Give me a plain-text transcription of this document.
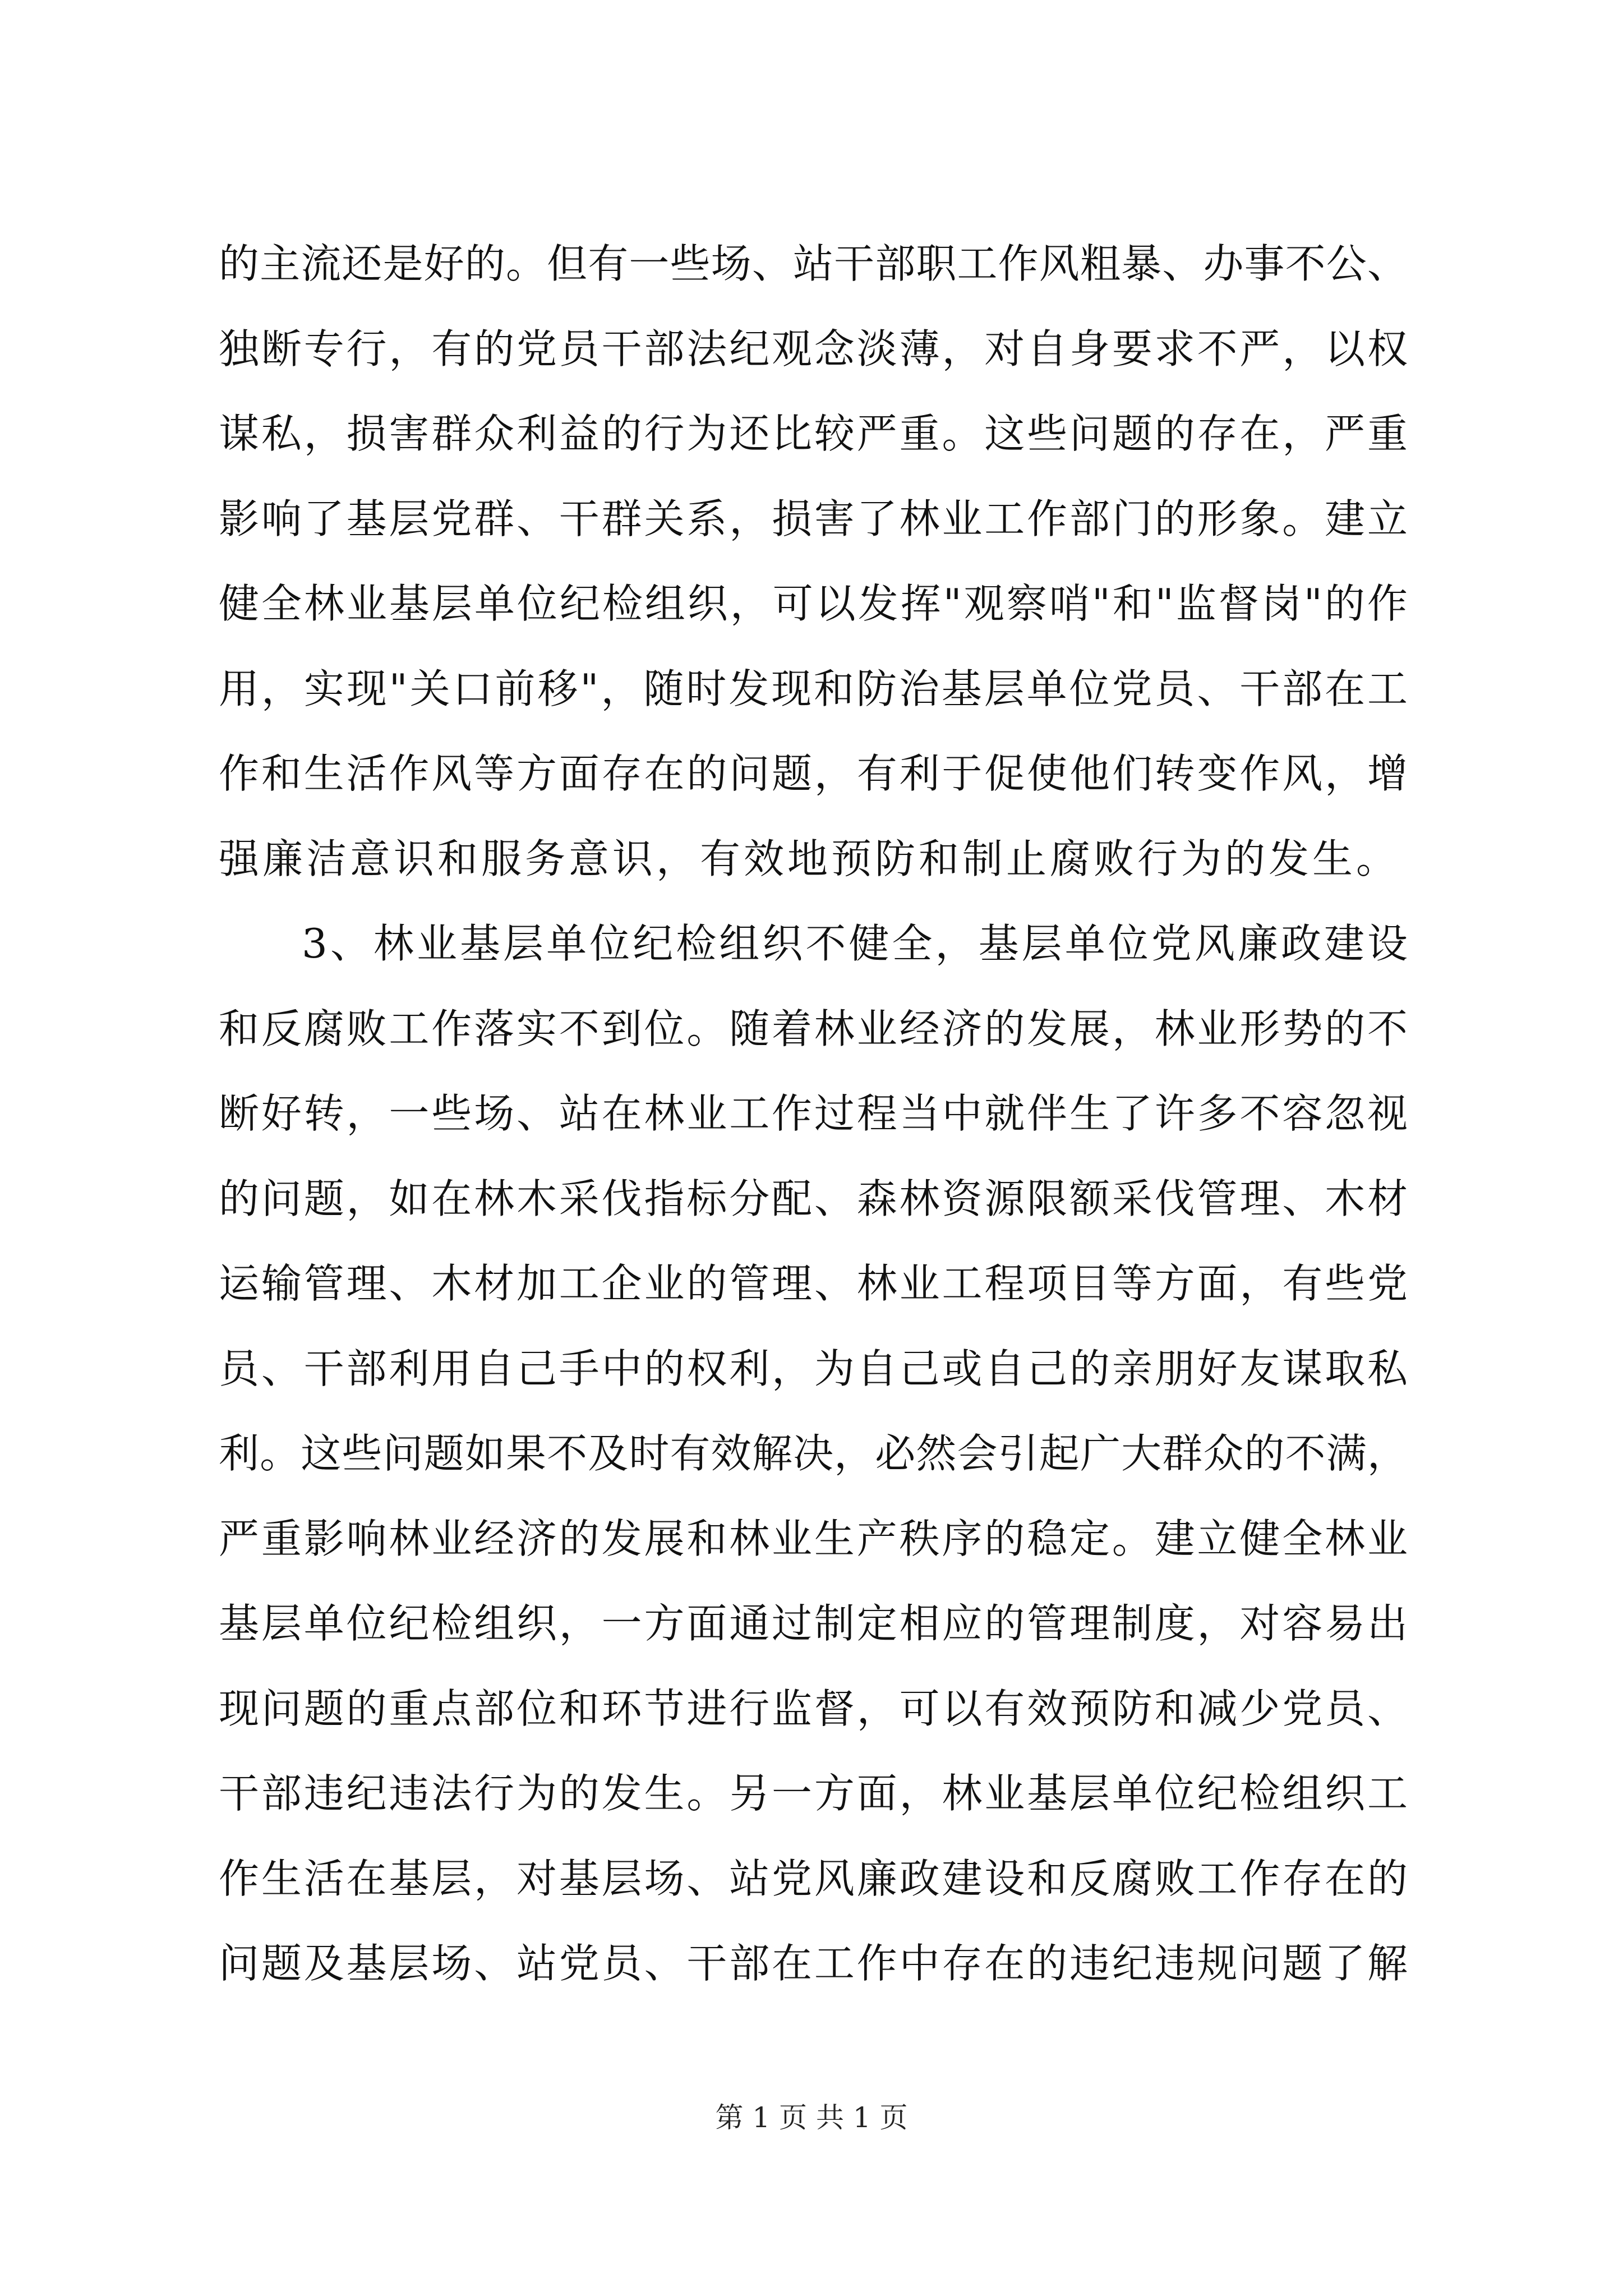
的主流还是好的。但有一些场、站干部职工作风粗暴、办事不公、
独断专行，有的党员干部法纪观念淡薄，对自身要求不严，以权
谋私，损害群众利益的行为还比较严重。这些问题的存在，严重
影响了基层党群、干群关系，损害了林业工作部门的形象。建立
健全林业基层单位纪检组织，可以发挥"观察哨"和"监督岗"的作
用，实现"关口前移"，随时发现和防治基层单位党员、干部在工
作和生活作风等方面存在的问题，有利于促使他们转变作风，增
强廉洁意识和服务意识，有效地预防和制止腐败行为的发生。
3、林业基层单位纪检组织不健全，基层单位党风廉政建设
和反腐败工作落实不到位。随着林业经济的发展，林业形势的不
断好转，一些场、站在林业工作过程当中就伴生了许多不容忽视
的问题，如在林木采伐指标分配、森林资源限额采伐管理、木材
运输管理、木材加工企业的管理、林业工程项目等方面，有些党
员、干部利用自己手中的权利，为自己或自己的亲朋好友谋取私
利。这些问题如果不及时有效解决，必然会引起广大群众的不满，
严重影响林业经济的发展和林业生产秩序的稳定。建立健全林业
基层单位纪检组织，一方面通过制定相应的管理制度，对容易出
现问题的重点部位和环节进行监督，可以有效预防和减少党员、
干部违纪违法行为的发生。另一方面，林业基层单位纪检组织工
作生活在基层，对基层场、站党风廉政建设和反腐败工作存在的
问题及基层场、站党员、干部在工作中存在的违纪违规问题了解
第 1 页 共 1 页
